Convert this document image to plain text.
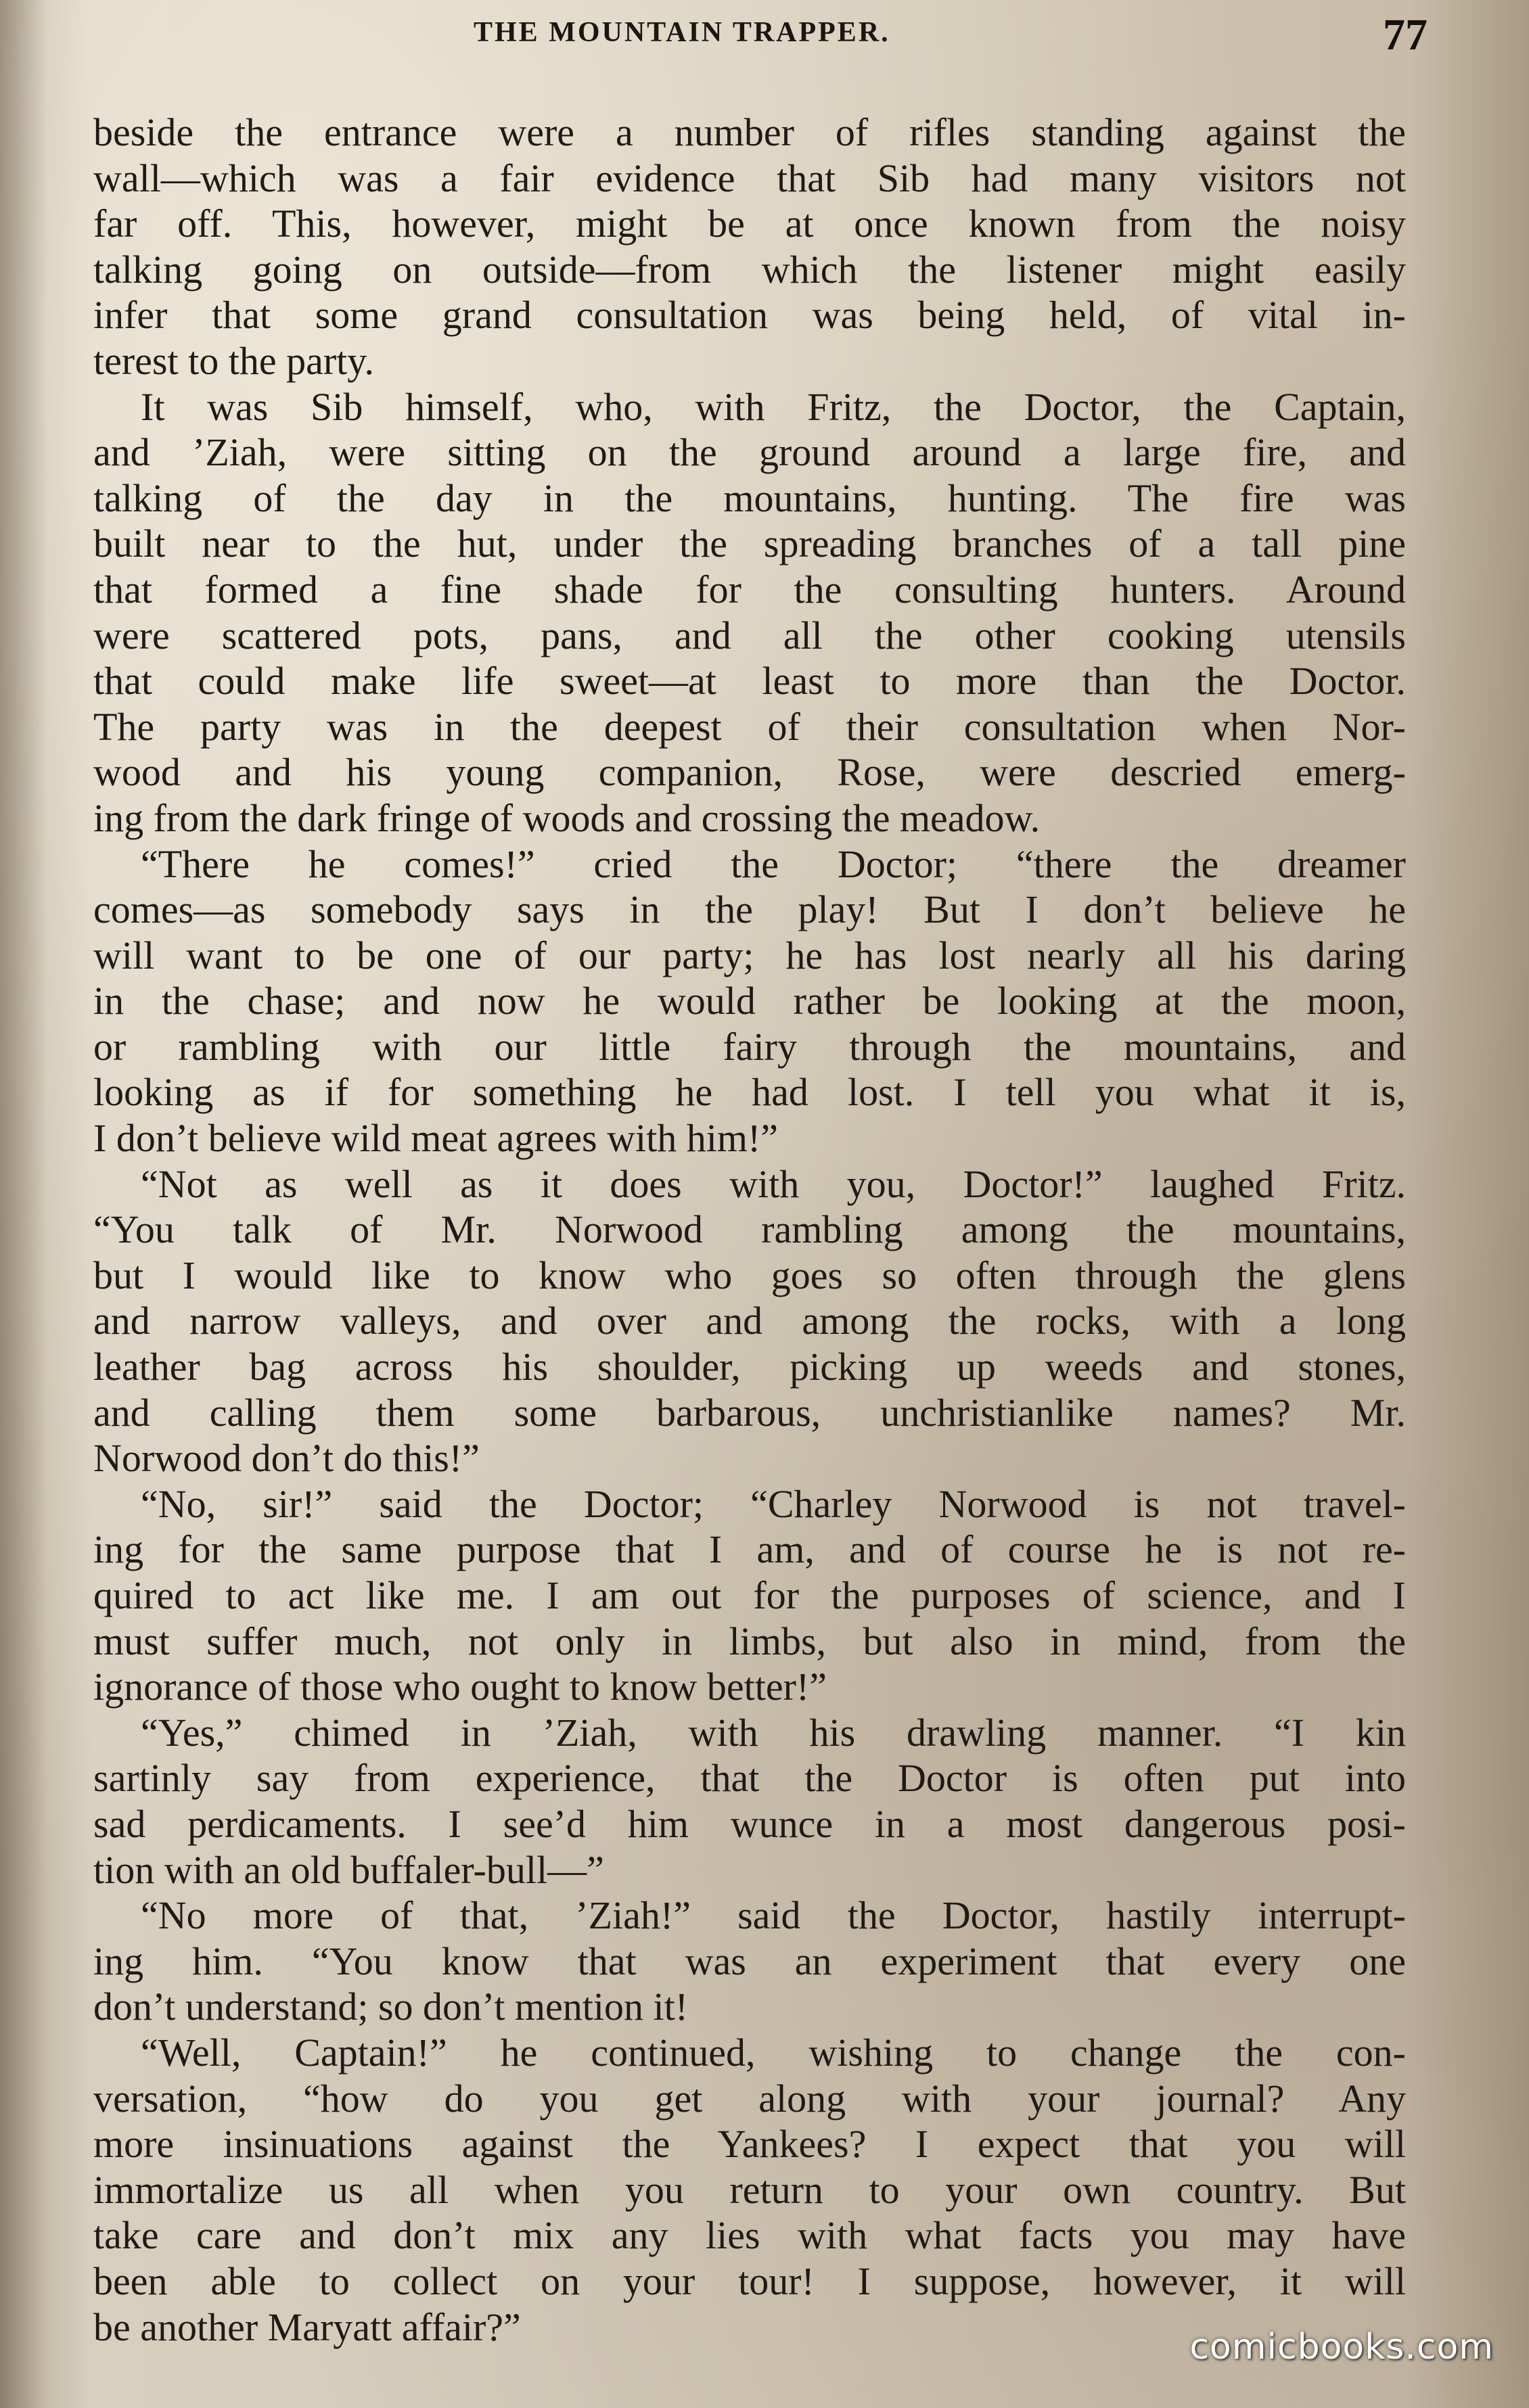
THE MOUNTAIN TRAPPER.	77
beside the entrance were a number of rifles standing against the
wall—which was a fair evidence that Sib had many visitors not
far off. This, however, might be at once known from the noisy
talking going on outside—from which the listener might easily
infer that some grand consultation was being held, of vital in-
terest to the party.
It was Sib himself, who, with Fritz, the Doctor, the Captain,
and ’Ziah, were sitting on the ground around a large fire, and
talking of the day in the mountains, hunting. The fire was
built near to the hut, under the spreading branches of a tall pine
that formed a fine shade for the consulting hunters. Around
were scattered pots, pans, and all the other cooking utensils
that could make life sweet—at least to more than the Doctor.
The party was in the deepest of their consultation when Nor-
wood and his young companion, Rose, were descried emerg-
ing from the dark fringe of woods and crossing the meadow.
“There he comes!” cried the Doctor; “there the dreamer
comes—as somebody says in the play! But I don’t believe he
will want to be one of our party; he has lost nearly all his daring
in the chase; and now he would rather be looking at the moon,
or rambling with our little fairy through the mountains, and
looking as if for something he had lost. I tell you what it is,
I don’t believe wild meat agrees with him!”
“Not as well as it does with you, Doctor!” laughed Fritz.
“You talk of Mr. Norwood rambling among the mountains,
but I would like to know who goes so often through the glens
and narrow valleys, and over and among the rocks, with a long
leather bag across his shoulder, picking up weeds and stones,
and calling them some barbarous, unchristianlike names? Mr.
Norwood don’t do this!”
“No, sir!” said the Doctor; “Charley Norwood is not travel-
ing for the same purpose that I am, and of course he is not re-
quired to act like me. I am out for the purposes of science, and I
must suffer much, not only in limbs, but also in mind, from the
ignorance of those who ought to know better!”
“Yes,” chimed in ’Ziah, with his drawling manner. “I kin
sartinly say from experience, that the Doctor is often put into
sad perdicaments. I see’d him wunce in a most dangerous posi-
tion with an old buffaler-bull—”
“No more of that, ’Ziah!” said the Doctor, hastily interrupt-
ing him. “You know that was an experiment that every one
don’t understand; so don’t mention it!
“Well, Captain!” he continued, wishing to change the con-
versation, “how do you get along with your journal? Any
more insinuations against the Yankees? I expect that you will
immortalize us all when you return to your own country. But
take care and don’t mix any lies with what facts you may have
been able to collect on your tour! I suppose, however, it will
be another Maryatt affair?”	comicbooks.com
